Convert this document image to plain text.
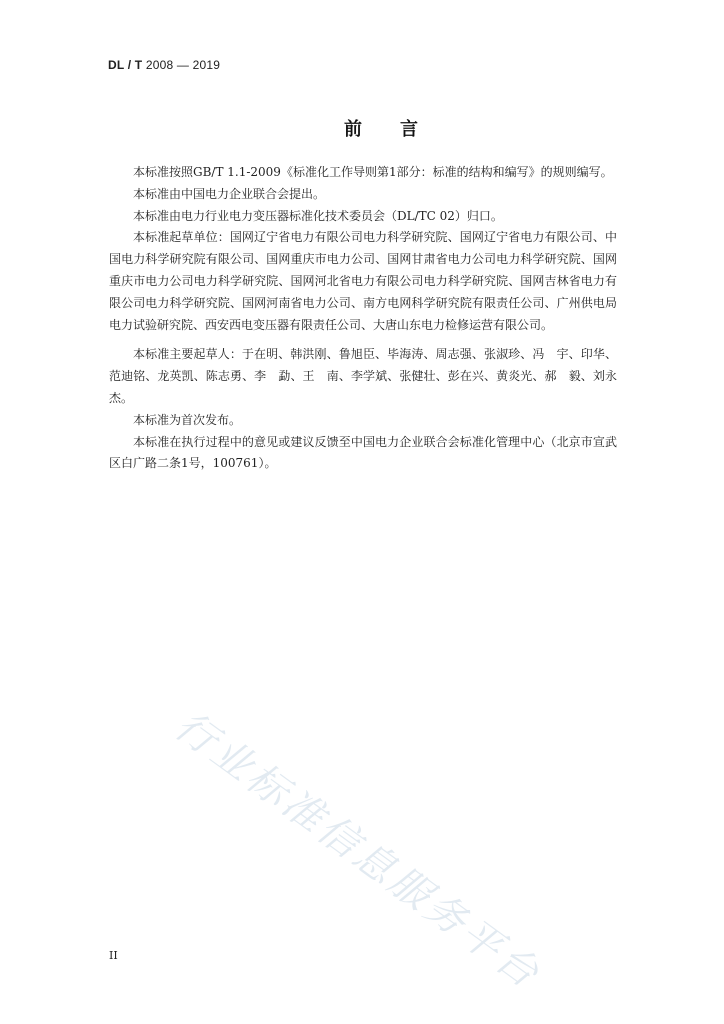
DL / T 2008 — 2019
前言

本标准按照GB/T 1.1-2009《标准化工作导则第1部分：标准的结构和编写》的规则编写。

本标准由中国电力企业联合会提出。

本标准由电力行业电力变压器标准化技术委员会（DL/TC 02）归口。

本标准起草单位：国网辽宁省电力有限公司电力科学研究院、国网辽宁省电力有限公司、中国电力科学研究院有限公司、国网重庆市电力公司、国网甘肃省电力公司电力科学研究院、国网重庆市电力公司电力科学研究院、国网河北省电力有限公司电力科学研究院、国网吉林省电力有限公司电力科学研究院、国网河南省电力公司、南方电网科学研究院有限责任公司、广州供电局电力试验研究院、西安西电变压器有限责任公司、大唐山东电力检修运营有限公司。

本标准主要起草人：于在明、韩洪刚、鲁旭臣、毕海涛、周志强、张淑珍、冯　宇、印华、范迪铭、龙英凯、陈志勇、李　勐、王　南、李学斌、张健壮、彭在兴、黄炎光、郝　毅、刘永杰。

本标准为首次发布。

本标准在执行过程中的意见或建议反馈至中国电力企业联合会标准化管理中心（北京市宣武区白广路二条1号，100761）。

行业标准信息服务平台
II
